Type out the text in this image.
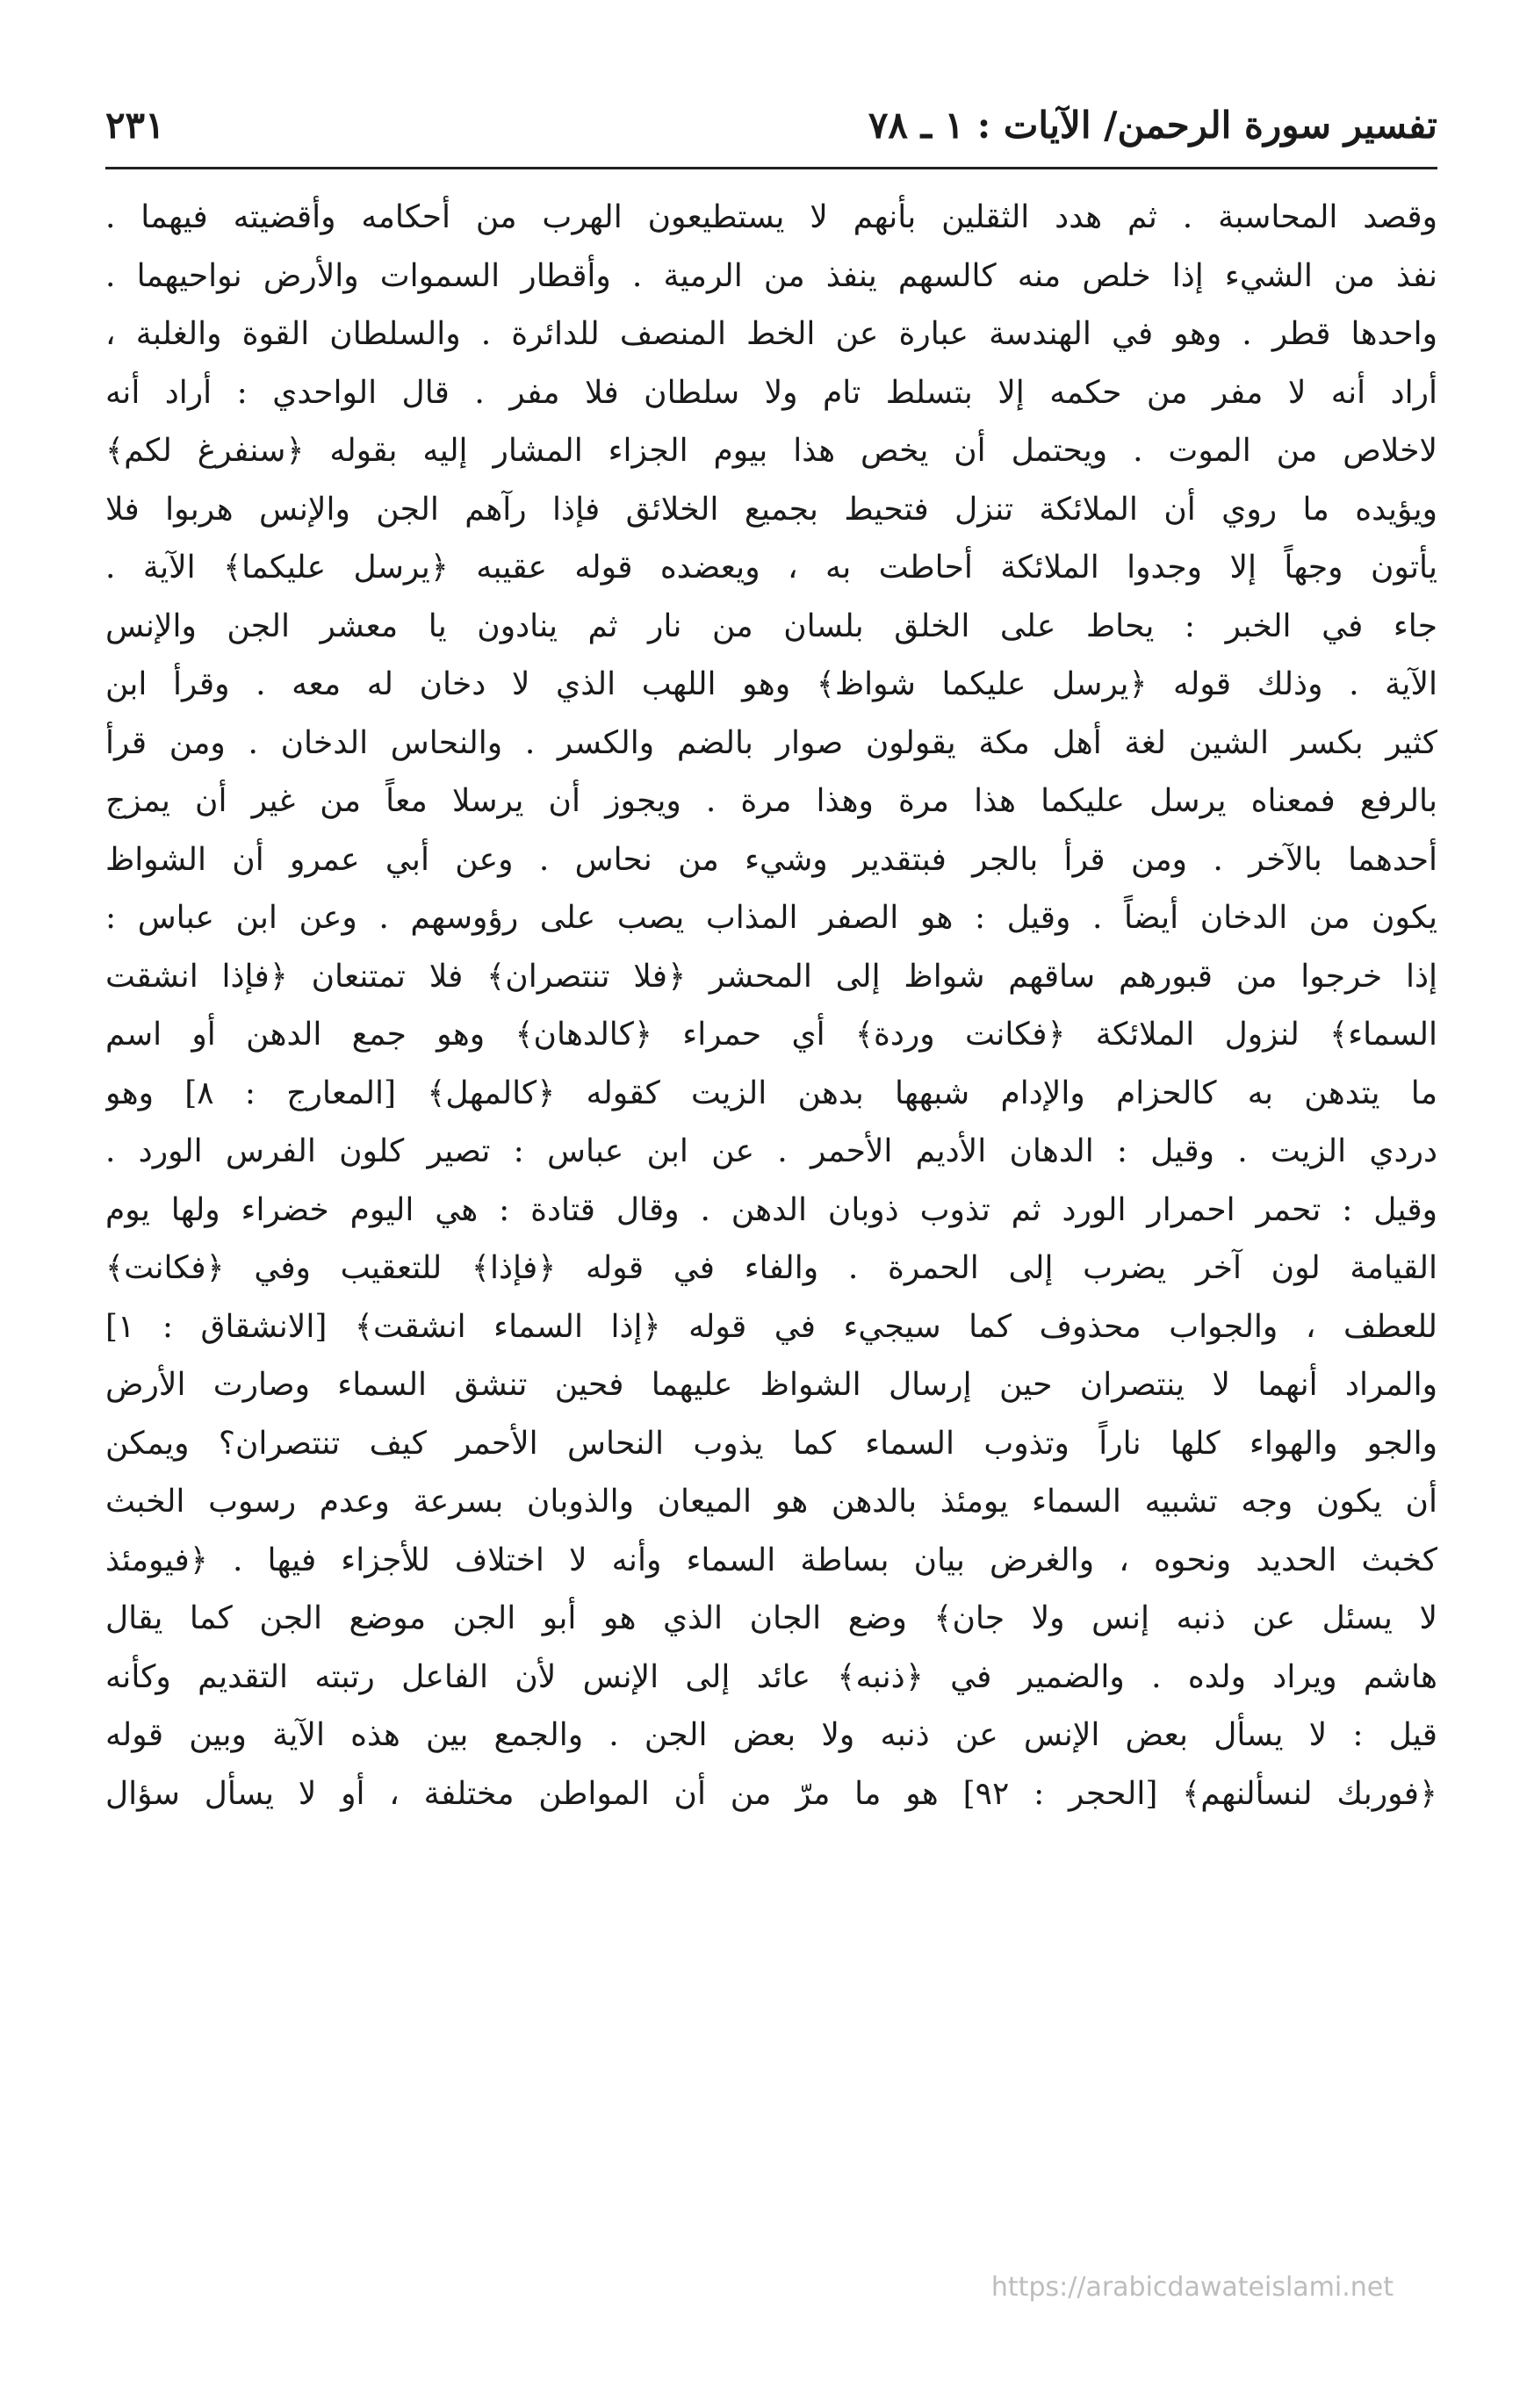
تفسير سورة الرحمن/ الآيات : ١ ـ ٧٨
٢٣١
وقصد المحاسبة . ثم هدد الثقلين بأنهم لا يستطيعون الهرب من أحكامه وأقضيته فيهما .
نفذ من الشيء إذا خلص منه كالسهم ينفذ من الرمية . وأقطار السموات والأرض نواحيهما .
واحدها قطر . وهو في الهندسة عبارة عن الخط المنصف للدائرة . والسلطان القوة والغلبة ،
أراد أنه لا مفر من حكمه إلا بتسلط تام ولا سلطان فلا مفر . قال الواحدي : أراد أنه
لاخلاص من الموت . ويحتمل أن يخص هذا بيوم الجزاء المشار إليه بقوله ﴿سنفرغ لكم﴾
ويؤيده ما روي أن الملائكة تنزل فتحيط بجميع الخلائق فإذا رآهم الجن والإنس هربوا فلا
يأتون وجهاً إلا وجدوا الملائكة أحاطت به ، ويعضده قوله عقيبه ﴿يرسل عليكما﴾ الآية .
جاء في الخبر : يحاط على الخلق بلسان من نار ثم ينادون يا معشر الجن والإنس
الآية . وذلك قوله ﴿يرسل عليكما شواظ﴾ وهو اللهب الذي لا دخان له معه . وقرأ ابن
كثير بكسر الشين لغة أهل مكة يقولون صوار بالضم والكسر . والنحاس الدخان . ومن قرأ
بالرفع فمعناه يرسل عليكما هذا مرة وهذا مرة . ويجوز أن يرسلا معاً من غير أن يمزج
أحدهما بالآخر . ومن قرأ بالجر فبتقدير وشيء من نحاس . وعن أبي عمرو أن الشواظ
يكون من الدخان أيضاً . وقيل : هو الصفر المذاب يصب على رؤوسهم . وعن ابن عباس :
إذا خرجوا من قبورهم ساقهم شواظ إلى المحشر ﴿فلا تنتصران﴾ فلا تمتنعان ﴿فإذا انشقت
السماء﴾ لنزول الملائكة ﴿فكانت وردة﴾ أي حمراء ﴿كالدهان﴾ وهو جمع الدهن أو اسم
ما يتدهن به كالحزام والإدام شبهها بدهن الزيت كقوله ﴿كالمهل﴾ [المعارج : ٨] وهو
دردي الزيت . وقيل : الدهان الأديم الأحمر . عن ابن عباس : تصير كلون الفرس الورد .
وقيل : تحمر احمرار الورد ثم تذوب ذوبان الدهن . وقال قتادة : هي اليوم خضراء ولها يوم
القيامة لون آخر يضرب إلى الحمرة . والفاء في قوله ﴿فإذا﴾ للتعقيب وفي ﴿فكانت﴾
للعطف ، والجواب محذوف كما سيجيء في قوله ﴿إذا السماء انشقت﴾ [الانشقاق : ١]
والمراد أنهما لا ينتصران حين إرسال الشواظ عليهما فحين تنشق السماء وصارت الأرض
والجو والهواء كلها ناراً وتذوب السماء كما يذوب النحاس الأحمر كيف تنتصران؟ ويمكن
أن يكون وجه تشبيه السماء يومئذ بالدهن هو الميعان والذوبان بسرعة وعدم رسوب الخبث
كخبث الحديد ونحوه ، والغرض بيان بساطة السماء وأنه لا اختلاف للأجزاء فيها . ﴿فيومئذ
لا يسئل عن ذنبه إنس ولا جان﴾ وضع الجان الذي هو أبو الجن موضع الجن كما يقال
هاشم ويراد ولده . والضمير في ﴿ذنبه﴾ عائد إلى الإنس لأن الفاعل رتبته التقديم وكأنه
قيل : لا يسأل بعض الإنس عن ذنبه ولا بعض الجن . والجمع بين هذه الآية وبين قوله
﴿فوربك لنسألنهم﴾ [الحجر : ٩٢] هو ما مرّ من أن المواطن مختلفة ، أو لا يسأل سؤال
https://arabicdawateislami.net
